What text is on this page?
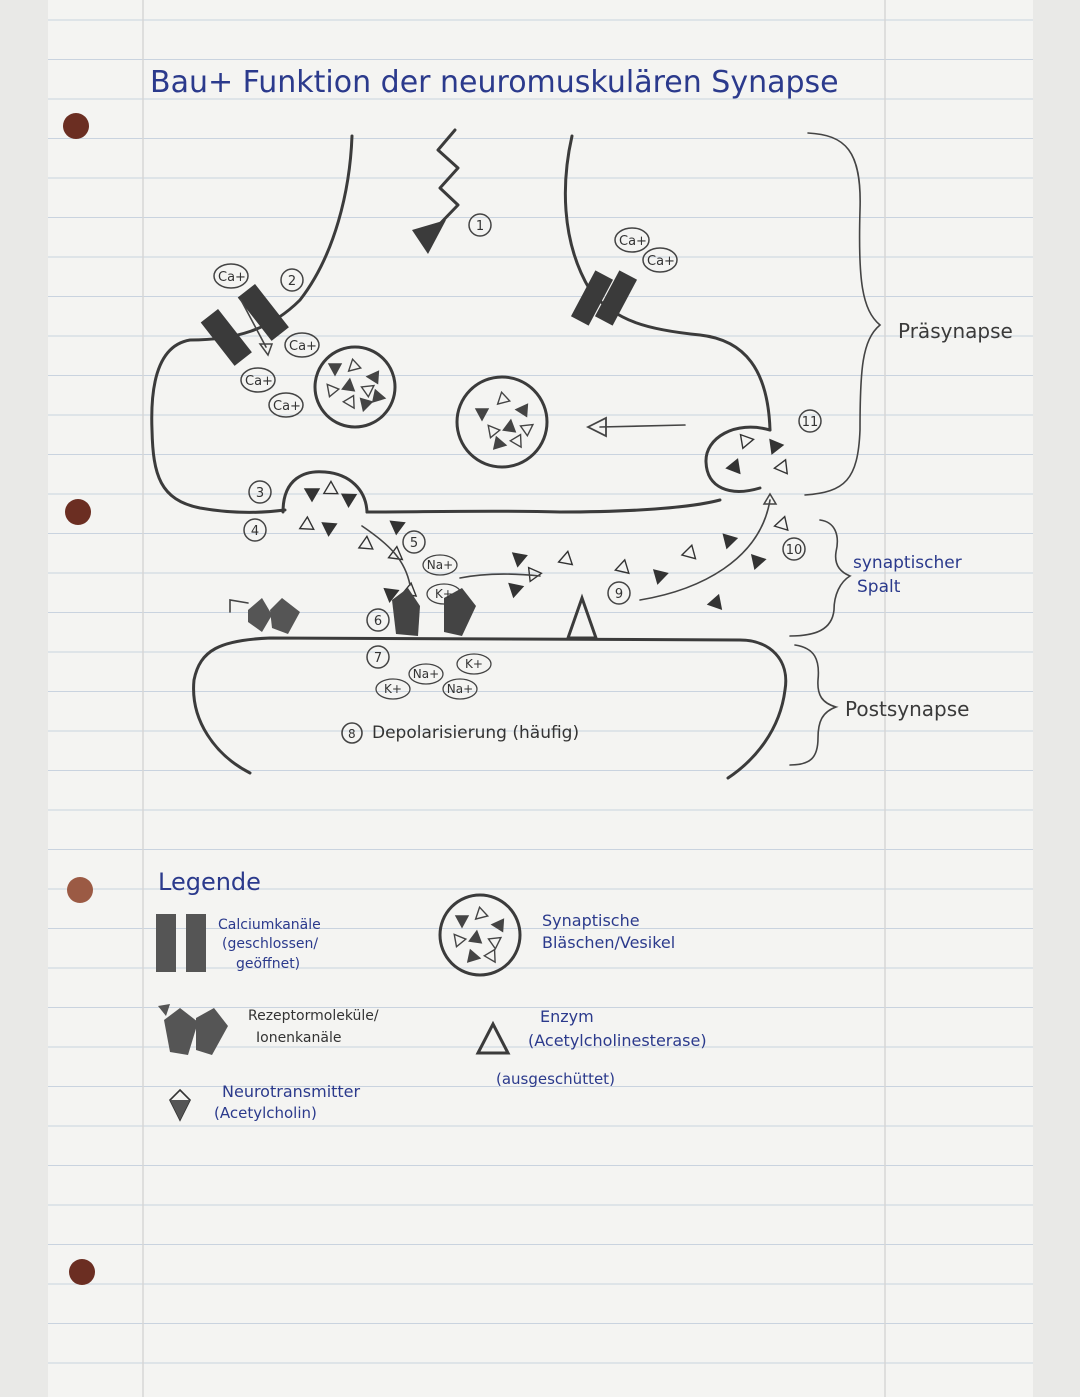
Bau+ Funktion der neuromuskulären Synapse
Ca+
Ca+
Ca+
Ca+
Ca+
Ca+
1
2
3
4
5
6
7
9
10
11
Na+
K+
Na+
K+
K+	Na+
8 Depolarisierung (häufig)
Präsynapse
synaptischer
Spalt
Postsynapse
Legende
Calciumkanäle
(geschlossen/
geöffnet)
Synaptische
Bläschen/Vesikel
Rezeptormoleküle/
Ionenkanäle
Enzym
(Acetylcholinesterase)
(ausgeschüttet)
Neurotransmitter
(Acetylcholin)
